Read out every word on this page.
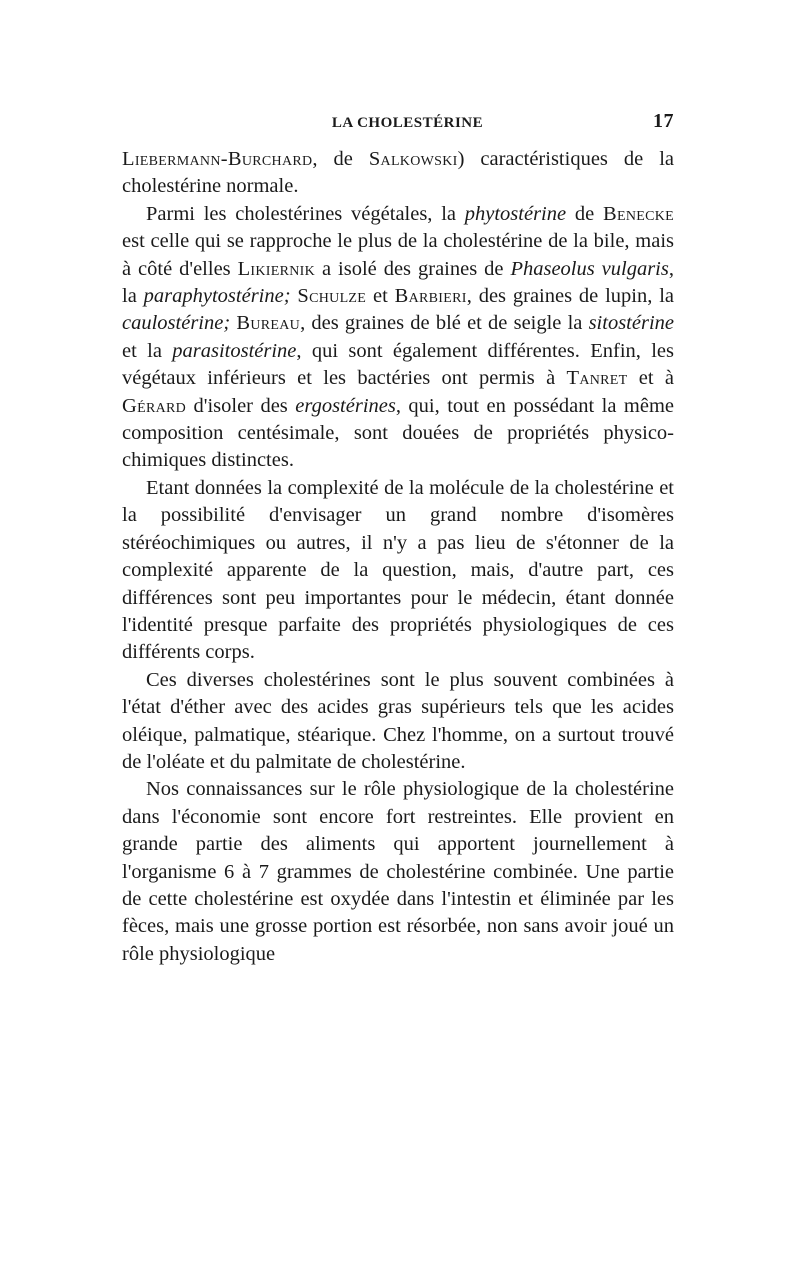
LA CHOLESTÉRINE	17

Liebermann-Burchard, de Salkowski) caractéristiques de la cholestérine normale.

Parmi les cholestérines végétales, la phytostérine de Benecke est celle qui se rapproche le plus de la cholestérine de la bile, mais à côté d'elles Likiernik a isolé des graines de Phaseolus vulgaris, la paraphytostérine; Schulze et Barbieri, des graines de lupin, la caulostérine; Bureau, des graines de blé et de seigle la sitostérine et la parasitostérine, qui sont également différentes. Enfin, les végétaux inférieurs et les bactéries ont permis à Tanret et à Gérard d'isoler des ergostérines, qui, tout en possédant la même composition centésimale, sont douées de propriétés physico-chimiques distinctes.

Etant données la complexité de la molécule de la cholestérine et la possibilité d'envisager un grand nombre d'isomères stéréochimiques ou autres, il n'y a pas lieu de s'étonner de la complexité apparente de la question, mais, d'autre part, ces différences sont peu importantes pour le médecin, étant donnée l'identité presque parfaite des propriétés physiologiques de ces différents corps.

Ces diverses cholestérines sont le plus souvent combinées à l'état d'éther avec des acides gras supérieurs tels que les acides oléique, palmatique, stéarique. Chez l'homme, on a surtout trouvé de l'oléate et du palmitate de cholestérine.

Nos connaissances sur le rôle physiologique de la cholestérine dans l'économie sont encore fort restreintes. Elle provient en grande partie des aliments qui apportent journellement à l'organisme 6 à 7 grammes de cholestérine combinée. Une partie de cette cholestérine est oxydée dans l'intestin et éliminée par les fèces, mais une grosse portion est résorbée, non sans avoir joué un rôle physiologique
